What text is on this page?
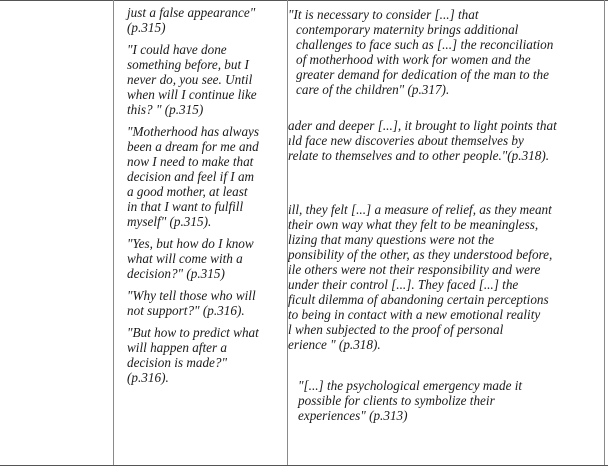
just a false appearance"
(p.315)

"I could have done
something before, but I
never do, you see. Until
when will I continue like
this? " (p.315)

"Motherhood has always
been a dream for me and
now I need to make that
decision and feel if I am
a good mother, at least
in that I want to fulfill
myself" (p.315).

"Yes, but how do I know
what will come with a
decision?" (p.315)

"Why tell those who will
not support?" (p.316).

"But how to predict what
will happen after a
decision is made?"
(p.316).

"It is necessary to consider [...] that
contemporary maternity brings additional
challenges to face such as [...] the reconciliation
of motherhood with work for women and the
greater demand for dedication of the man to the
care of the children" (p.317).

ader and deeper [...], it brought to light points that
ıld face new discoveries about themselves by
relate to themselves and to other people."(p.318).

ill, they felt [...] a measure of relief, as they meant
their own way what they felt to be meaningless,
lizing that many questions were not the
ponsibility of the other, as they understood before,
ile others were not their responsibility and were
under their control [...]. They faced [...] the
ficult dilemma of abandoning certain perceptions
to being in contact with a new emotional reality
l when subjected to the proof of personal
erience " (p.318).

"[...] the psychological emergency made it
possible for clients to symbolize their
experiences" (p.313)
